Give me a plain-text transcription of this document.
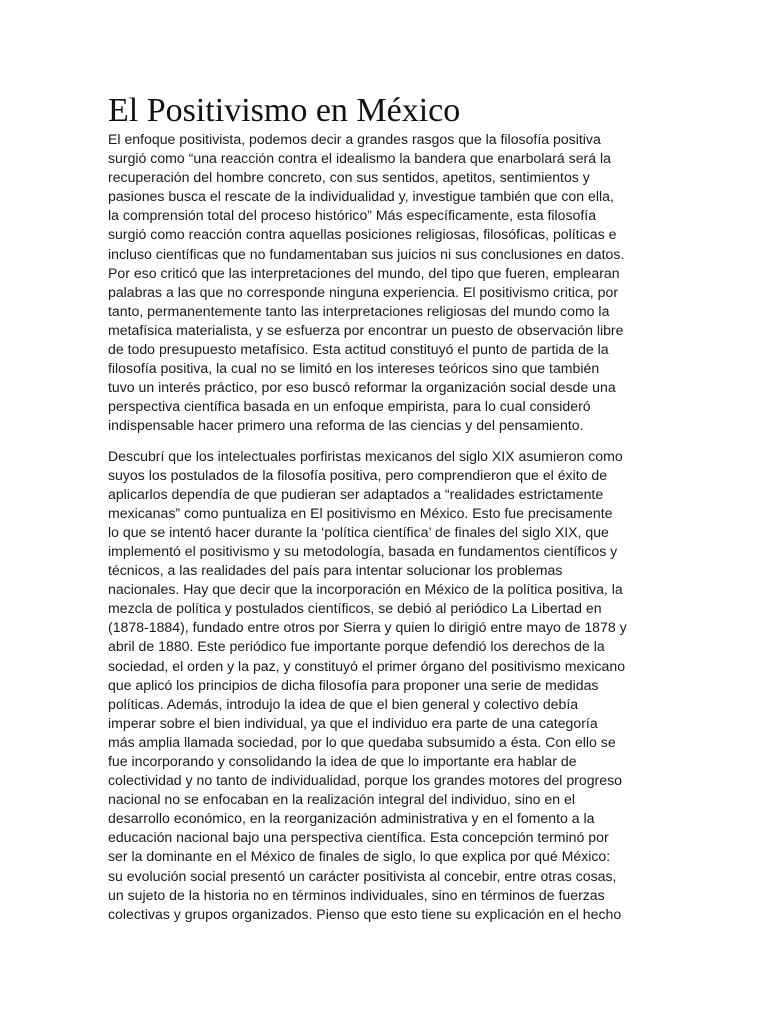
El Positivismo en México

El enfoque positivista, podemos decir a grandes rasgos que la filosofía positiva
surgió como “una reacción contra el idealismo la bandera que enarbolará será la
recuperación del hombre concreto, con sus sentidos, apetitos, sentimientos y
pasiones busca el rescate de la individualidad y, investigue también que con ella,
la comprensión total del proceso histórico” Más específicamente, esta filosofía
surgió como reacción contra aquellas posiciones religiosas, filosóficas, políticas e
incluso científicas que no fundamentaban sus juicios ni sus conclusiones en datos.
Por eso criticó que las interpretaciones del mundo, del tipo que fueren, emplearan
palabras a las que no corresponde ninguna experiencia. El positivismo critica, por
tanto, permanentemente tanto las interpretaciones religiosas del mundo como la
metafísica materialista, y se esfuerza por encontrar un puesto de observación libre
de todo presupuesto metafísico. Esta actitud constituyó el punto de partida de la
filosofía positiva, la cual no se limitó en los intereses teóricos sino que también
tuvo un interés práctico, por eso buscó reformar la organización social desde una
perspectiva científica basada en un enfoque empirista, para lo cual consideró
indispensable hacer primero una reforma de las ciencias y del pensamiento.

Descubrí que los intelectuales porfiristas mexicanos del siglo XIX asumieron como
suyos los postulados de la filosofía positiva, pero comprendieron que el éxito de
aplicarlos dependía de que pudieran ser adaptados a “realidades estrictamente
mexicanas” como puntualiza en El positivismo en México. Esto fue precisamente
lo que se intentó hacer durante la ‘política científica’ de finales del siglo XIX, que
implementó el positivismo y su metodología, basada en fundamentos científicos y
técnicos, a las realidades del país para intentar solucionar los problemas
nacionales. Hay que decir que la incorporación en México de la política positiva, la
mezcla de política y postulados científicos, se debió al periódico La Libertad en
(1878-1884), fundado entre otros por Sierra y quien lo dirigió entre mayo de 1878 y
abril de 1880. Este periódico fue importante porque defendió los derechos de la
sociedad, el orden y la paz, y constituyó el primer órgano del positivismo mexicano
que aplicó los principios de dicha filosofía para proponer una serie de medidas
políticas. Además, introdujo la idea de que el bien general y colectivo debía
imperar sobre el bien individual, ya que el individuo era parte de una categoría
más amplia llamada sociedad, por lo que quedaba subsumido a ésta. Con ello se
fue incorporando y consolidando la idea de que lo importante era hablar de
colectividad y no tanto de individualidad, porque los grandes motores del progreso
nacional no se enfocaban en la realización integral del individuo, sino en el
desarrollo económico, en la reorganización administrativa y en el fomento a la
educación nacional bajo una perspectiva científica. Esta concepción terminó por
ser la dominante en el México de finales de siglo, lo que explica por qué México:
su evolución social presentó un carácter positivista al concebir, entre otras cosas,
un sujeto de la historia no en términos individuales, sino en términos de fuerzas
colectivas y grupos organizados. Pienso que esto tiene su explicación en el hecho
